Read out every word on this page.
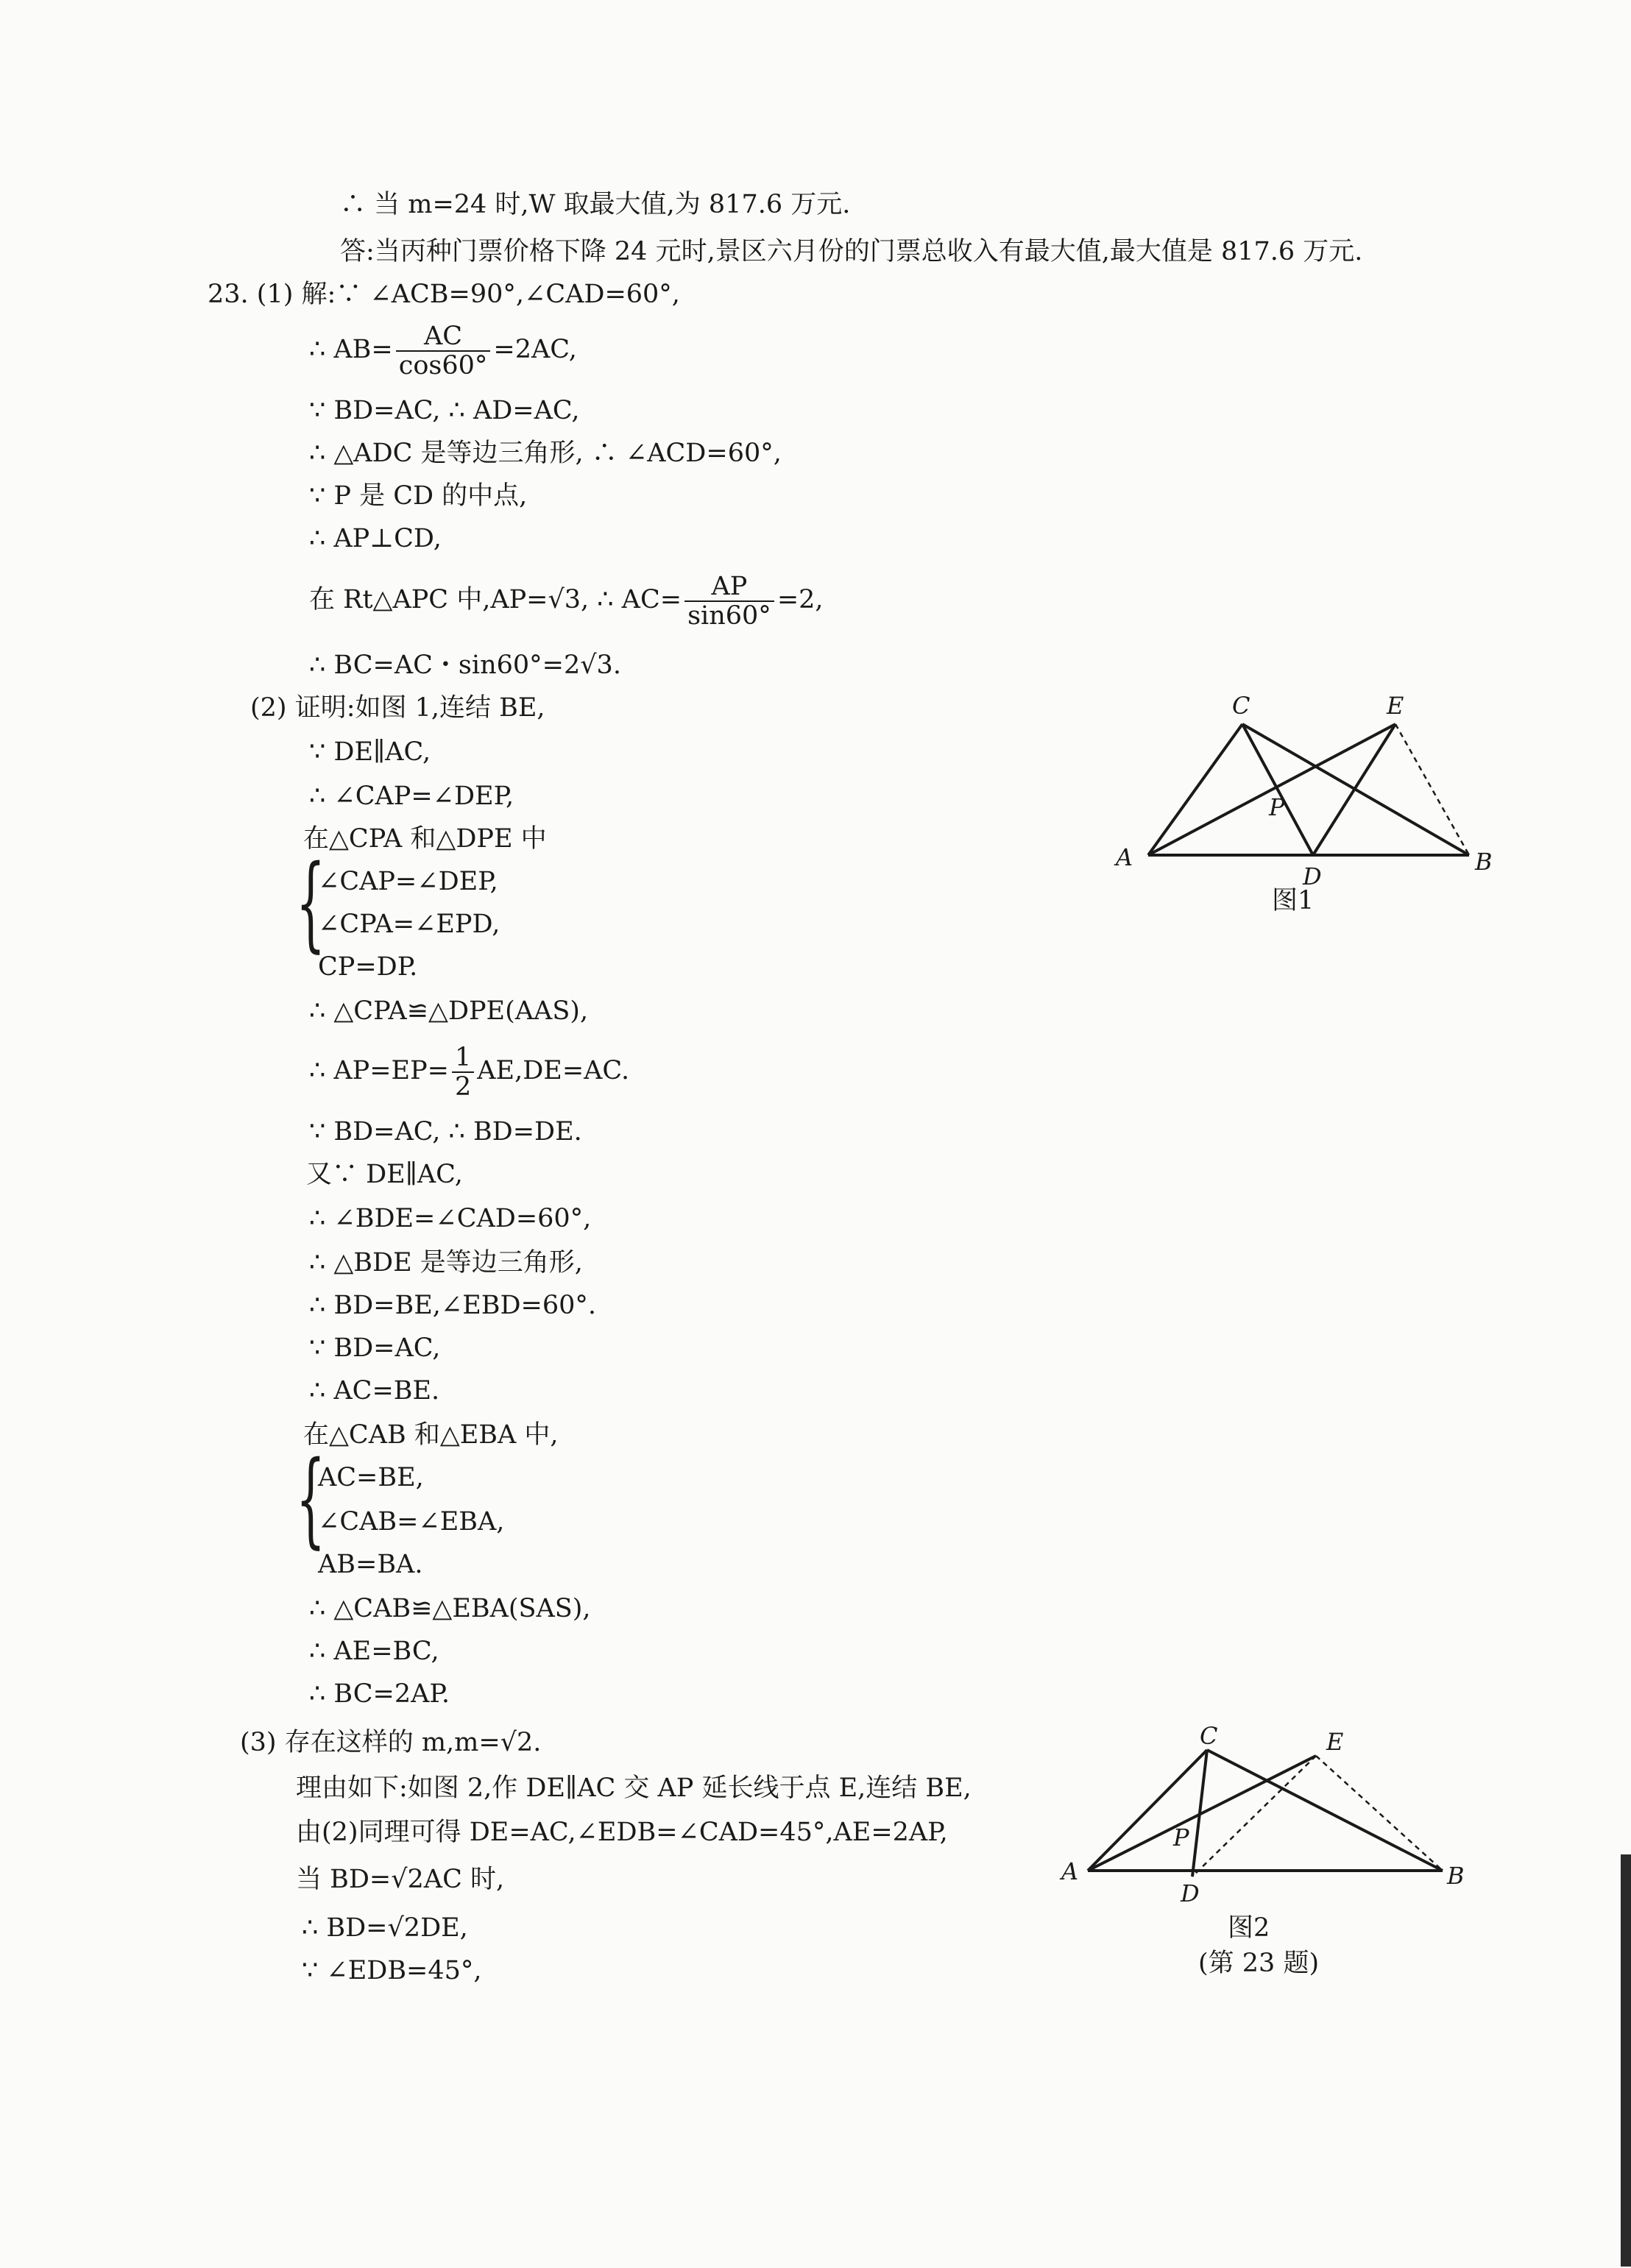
∴ 当 m=24 时,W 取最大值,为 817.6 万元.
答:当丙种门票价格下降 24 元时,景区六月份的门票总收入有最大值,最大值是 817.6 万元.
23. (1) 解:∵ ∠ACB=90°,∠CAD=60°,
∴ $AB= \frac{AC}{\cos 60^\circ} =2AC$,
∵ BD=AC, ∴ AD=AC,
∴ △ADC 是等边三角形, ∴ ∠ACD=60°,
∵ P 是 CD 的中点,
∴ AP⊥CD,
在 Rt△APC 中,AP=√3, ∴ $AC= \frac{AP}{\sin 60^\circ} =2$,
∴ BC=AC・sin60°=2√3.
(2) 证明:如图 1,连结 BE,
∵ DE∥AC,
∴ ∠CAP=∠DEP,
在△CPA 和△DPE 中
{
∠CAP=∠DEP,
∠CPA=∠EPD,
CP=DP.
∴ △CPA≌△DPE(AAS),
∴ $AP=EP= \frac{1}{2} AE,DE=AC$.
∵ BD=AC, ∴ BD=DE.
又∵ DE∥AC,
∴ ∠BDE=∠CAD=60°,
∴ △BDE 是等边三角形,
∴ BD=BE,∠EBD=60°.
∵ BD=AC,
∴ AC=BE.
在△CAB 和△EBA 中,
{
AC=BE,
∠CAB=∠EBA,
AB=BA.
∴ △CAB≌△EBA(SAS),
∴ AE=BC,
∴ BC=2AP.
(3) 存在这样的 m,m=√2.
理由如下:如图 2,作 DE∥AC 交 AP 延长线于点 E,连结 BE,
由(2)同理可得 DE=AC,∠EDB=∠CAD=45°,AE=2AP,
当 BD=√2AC 时,
∴ BD=√2DE,
∵ ∠EDB=45°,
A	B
C
D
E
P
图1
A	B
C
D
E
P
图2
(第 23 题)
